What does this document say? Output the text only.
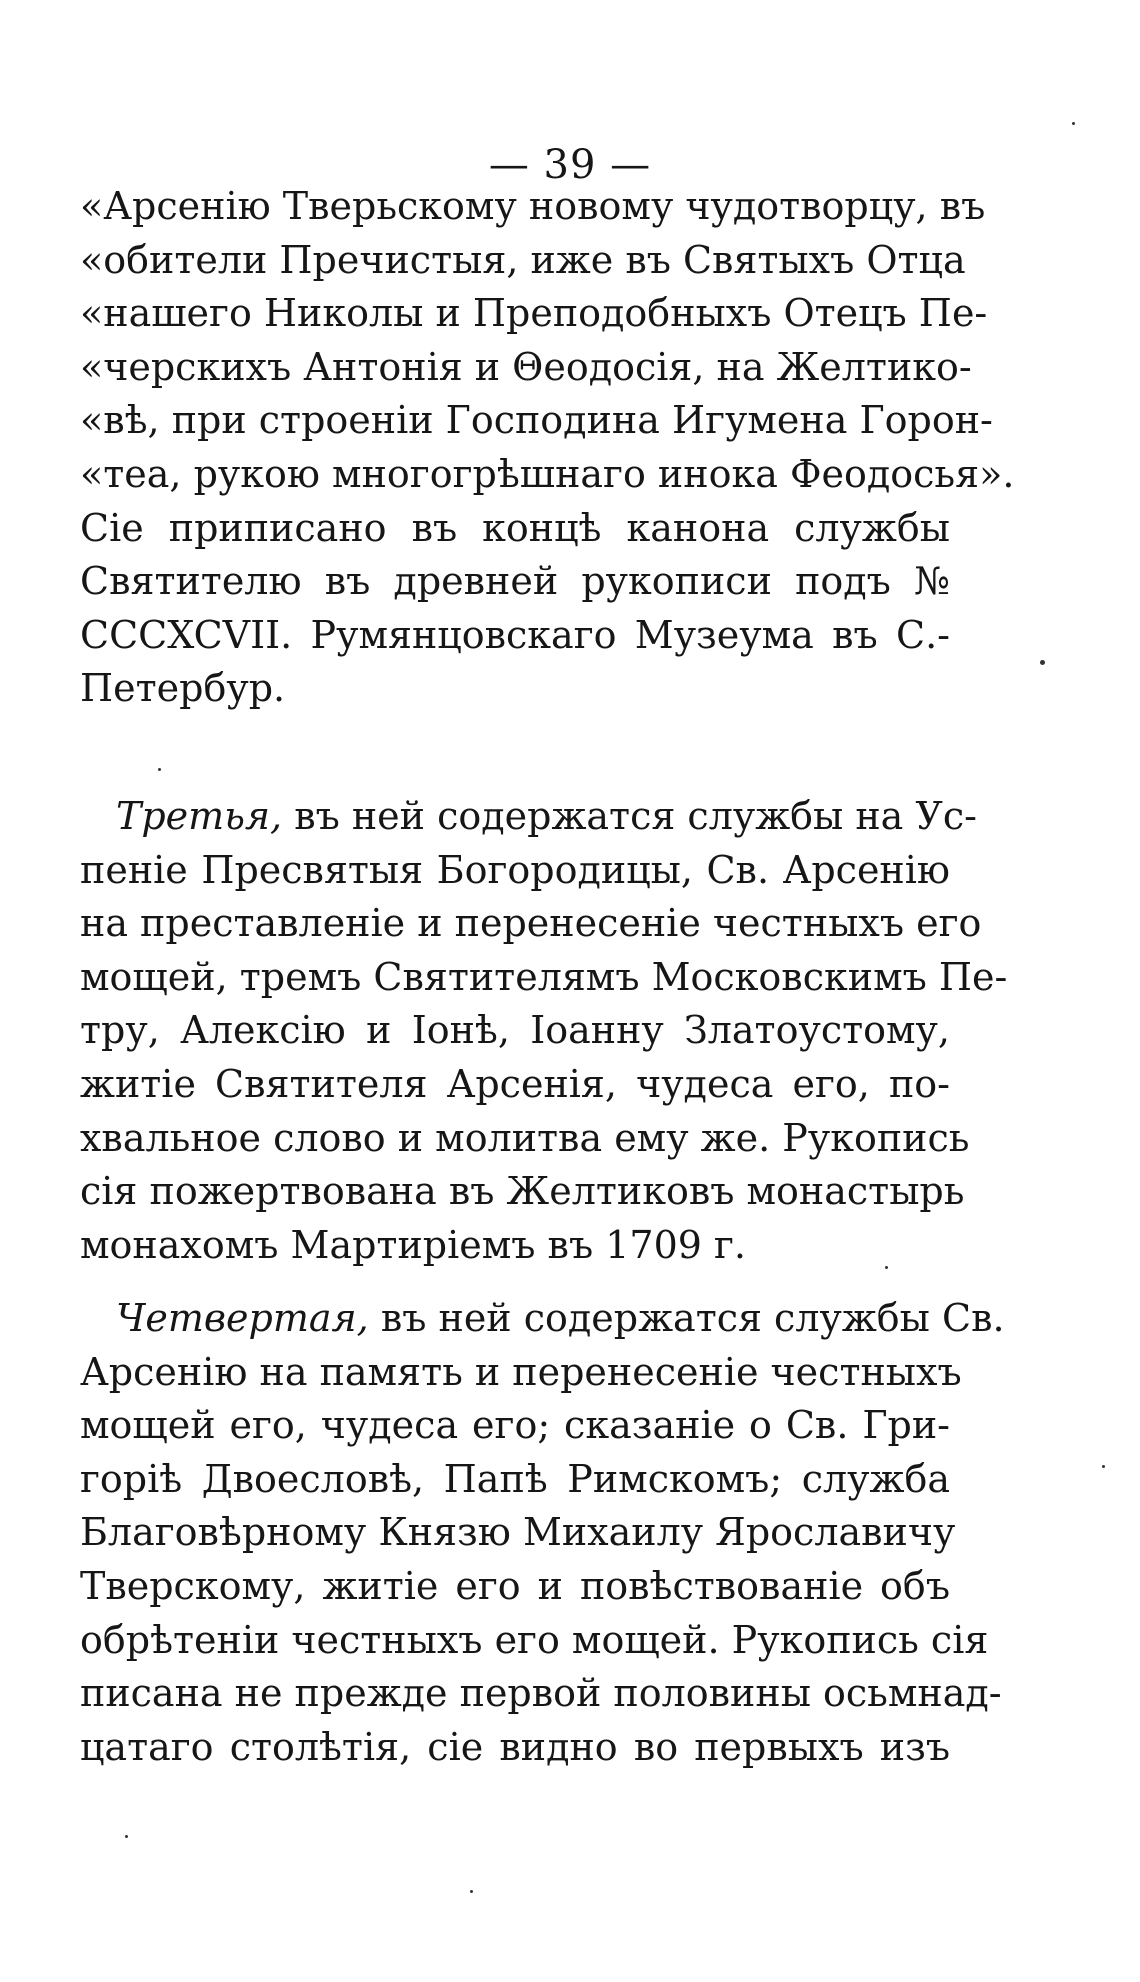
— 39 —
«Арсенію Тверьскому новому чудотворцу, въ
«обители Пречистыя, иже въ Святыхъ Отца
«нашего Николы и Преподобныхъ Отецъ Пе-
«черскихъ Антонія и Θеодосія, на Желтико-
«вѣ, при строеніи Господина Игумена Горон-
«теа, рукою многогрѣшнаго инока Феодосья».
Сіе приписано въ концѣ канона службы
Святителю въ древней рукописи подъ №
CCCXCVII. Румянцовскаго Музеума въ С.-
Петербур.
Третья, въ ней содержатся службы на Ус-
пеніе Пресвятыя Богородицы, Св. Арсенію
на преставленіе и перенесеніе честныхъ его
мощей, тремъ Святителямъ Московскимъ Пе-
тру, Алексію и Іонѣ, Іоанну Златоустому,
житіе Святителя Арсенія, чудеса его, по-
хвальное слово и молитва ему же. Рукопись
сія пожертвована въ Желтиковъ монастырь
монахомъ Мартиріемъ въ 1709 г.
Четвертая, въ ней содержатся службы Св.
Арсенію на память и перенесеніе честныхъ
мощей его, чудеса его; сказаніе о Св. Гри-
горіѣ Двоесловѣ, Папѣ Римскомъ; служба
Благовѣрному Князю Михаилу Ярославичу
Тверскому, житіе его и повѣствованіе объ
обрѣтеніи честныхъ его мощей. Рукопись сія
писана не прежде первой половины осьмнад-
цатаго столѣтія, сіе видно во первыхъ изъ
